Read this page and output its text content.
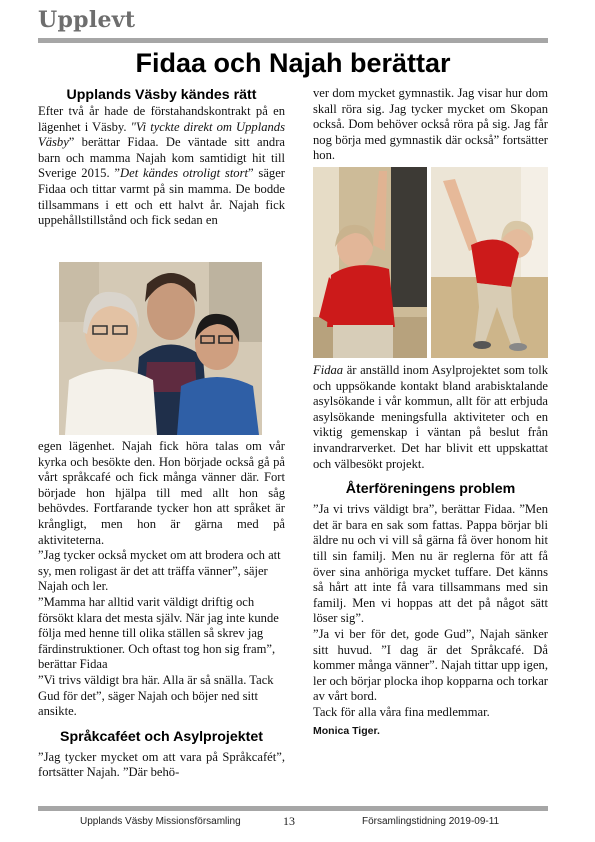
Upplevt
Fidaa och Najah berättar
Upplands Väsby kändes rätt

Efter två år hade de förstahandskontrakt på en lägenhet i Väsby. "Vi tyckte direkt om Upplands Väsby” berättar Fidaa. De väntade sitt andra barn och mamma Najah kom samtidigt hit till Sverige 2015. ”Det kändes otroligt stort” säger Fidaa och tittar varmt på sin mamma. De bodde tillsammans i ett och ett halvt år. Najah fick uppehållstillstånd och fick sedan en

egen lägenhet. Najah fick höra talas om vår kyrka och besökte den. Hon började också gå på vårt språkcafé och fick många vänner där. Fort började hon hjälpa till med allt hon såg behövdes. Fortfarande tycker hon att språket är krångligt, men hon är gärna med på aktiviteterna.

”Jag tycker också mycket om att brodera och att sy, men roligast är det att träffa vänner”, säjer Najah och ler.

”Mamma har alltid varit väldigt driftig och försökt klara det mesta själv. När jag inte kunde följa med henne till olika ställen så skrev jag färdinstruktioner. Och oftast tog hon sig fram”, berättar Fidaa

”Vi trivs väldigt bra här. Alla är så snälla. Tack Gud för det”, säger Najah och böjer ned sitt ansikte.

Språkcaféet och Asylprojektet

”Jag tycker mycket om att vara på Språkcafét”, fortsätter Najah. ”Där behö-

ver dom mycket gymnastik. Jag visar hur dom skall röra sig. Jag tycker mycket om Skopan också. Dom behöver också röra på sig. Jag får nog börja med gymnastik där också” fortsätter hon.

Fidaa är anställd inom Asylprojektet som tolk och uppsökande kontakt bland arabisktalande asylsökande i vår kommun, allt för att erbjuda asylsökande meningsfulla aktiviteter och en viktig gemenskap i väntan på beslut från invandrarverket. Det har blivit ett uppskattat och välbesökt projekt.

Återföreningens problem

”Ja vi trivs väldigt bra”, berättar Fidaa. ”Men det är bara en sak som fattas. Pappa börjar bli äldre nu och vi vill så gärna få över honom hit till sin familj. Men nu är reglerna för att få över sina anhöriga mycket tuffare. Det känns så hårt att inte få vara tillsammans med sin familj. Men vi hoppas att det på något sätt löser sig”.

”Ja vi ber för det, gode Gud”, Najah sänker sitt huvud. ”I dag är det Språkcafé. Då kommer många vänner”. Najah tittar upp igen, ler och börjar plocka ihop kopparna och torkar av vårt bord.

Tack för alla våra fina medlemmar.

Monica Tiger.
Upplands Väsby Missionsförsamling	13	Församlingstidning 2019-09-11
